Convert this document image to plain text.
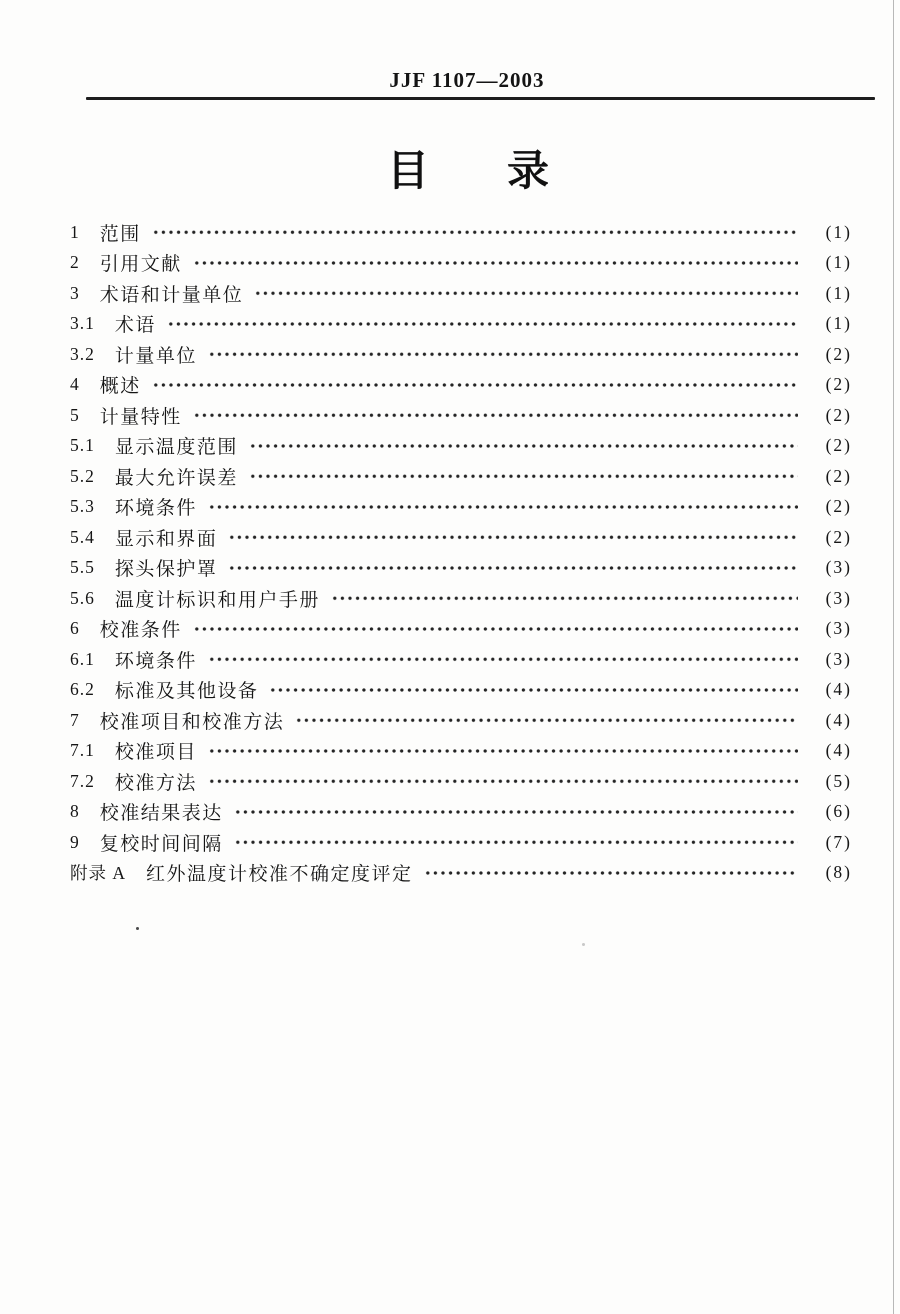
JJF 1107—2003
目 录
1 范围	(1)
2 引用文献	(1)
3 术语和计量单位	(1)
3.1 术语	(1)
3.2 计量单位	(2)
4 概述	(2)
5 计量特性	(2)
5.1 显示温度范围	(2)
5.2 最大允许误差	(2)
5.3 环境条件	(2)
5.4 显示和界面	(2)
5.5 探头保护罩	(3)
5.6 温度计标识和用户手册	(3)
6 校准条件	(3)
6.1 环境条件	(3)
6.2 标准及其他设备	(4)
7 校准项目和校准方法	(4)
7.1 校准项目	(4)
7.2 校准方法	(5)
8 校准结果表达	(6)
9 复校时间间隔	(7)
附录 A 红外温度计校准不确定度评定	(8)
